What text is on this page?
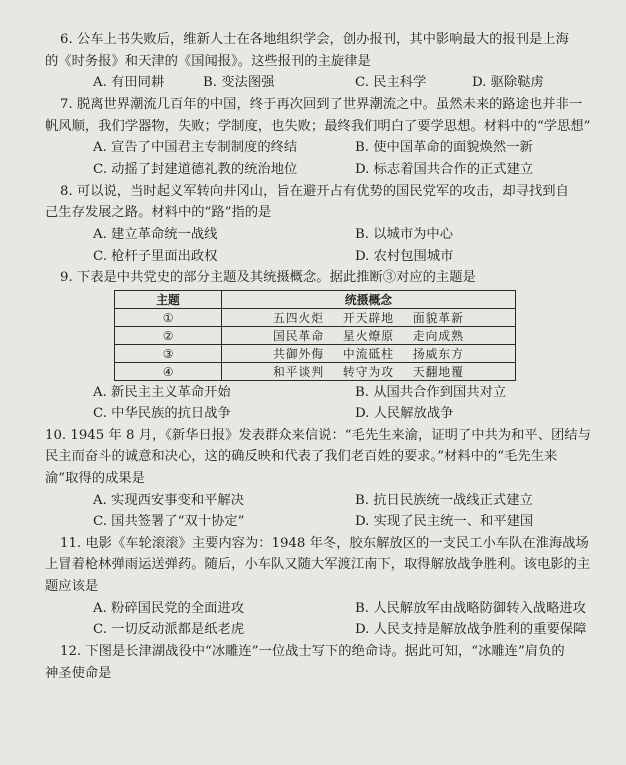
6. 公车上书失败后，维新人士在各地组织学会，创办报刊，其中影响最大的报刊是上海
的《时务报》和天津的《国闻报》。这些报刊的主旋律是
A. 有田同耕	B. 变法图强	C. 民主科学	D. 驱除鞑虏
7. 脱离世界潮流几百年的中国，终于再次回到了世界潮流之中。虽然未来的路途也并非一
帆风顺，我们学器物，失败；学制度，也失败；最终我们明白了要学思想。材料中的“学思想”
A. 宣告了中国君主专制制度的终结	B. 使中国革命的面貌焕然一新
C. 动摇了封建道德礼教的统治地位	D. 标志着国共合作的正式建立
8. 可以说，当时起义军转向井冈山，旨在避开占有优势的国民党军的攻击，却寻找到自
己生存发展之路。材料中的“路”指的是
A. 建立革命统一战线	B. 以城市为中心
C. 枪杆子里面出政权	D. 农村包围城市
9. 下表是中共党史的部分主题及其统摄概念。据此推断③对应的主题是
主题	统摄概念
①	五四火炬 开天辟地 面貌革新
②	国民革命 星火燎原 走向成熟
③	共御外侮 中流砥柱 扬威东方
④	和平谈判 转守为攻 天翻地覆
A. 新民主主义革命开始	B. 从国共合作到国共对立
C. 中华民族的抗日战争	D. 人民解放战争
10. 1945 年 8 月，《新华日报》发表群众来信说：“毛先生来渝，证明了中共为和平、团结与
民主而奋斗的诚意和决心，这的确反映和代表了我们老百姓的要求。”材料中的“毛先生来
渝”取得的成果是
A. 实现西安事变和平解决	B. 抗日民族统一战线正式建立
C. 国共签署了“双十协定”	D. 实现了民主统一、和平建国
11. 电影《车轮滚滚》主要内容为：1948 年冬，胶东解放区的一支民工小车队在淮海战场
上冒着枪林弹雨运送弹药。随后，小车队又随大军渡江南下，取得解放战争胜利。该电影的主
题应该是
A. 粉碎国民党的全面进攻	B. 人民解放军由战略防御转入战略进攻
C. 一切反动派都是纸老虎	D. 人民支持是解放战争胜利的重要保障
12. 下图是长津湖战役中“冰雕连”一位战士写下的绝命诗。据此可知，“冰雕连”肩负的
神圣使命是
